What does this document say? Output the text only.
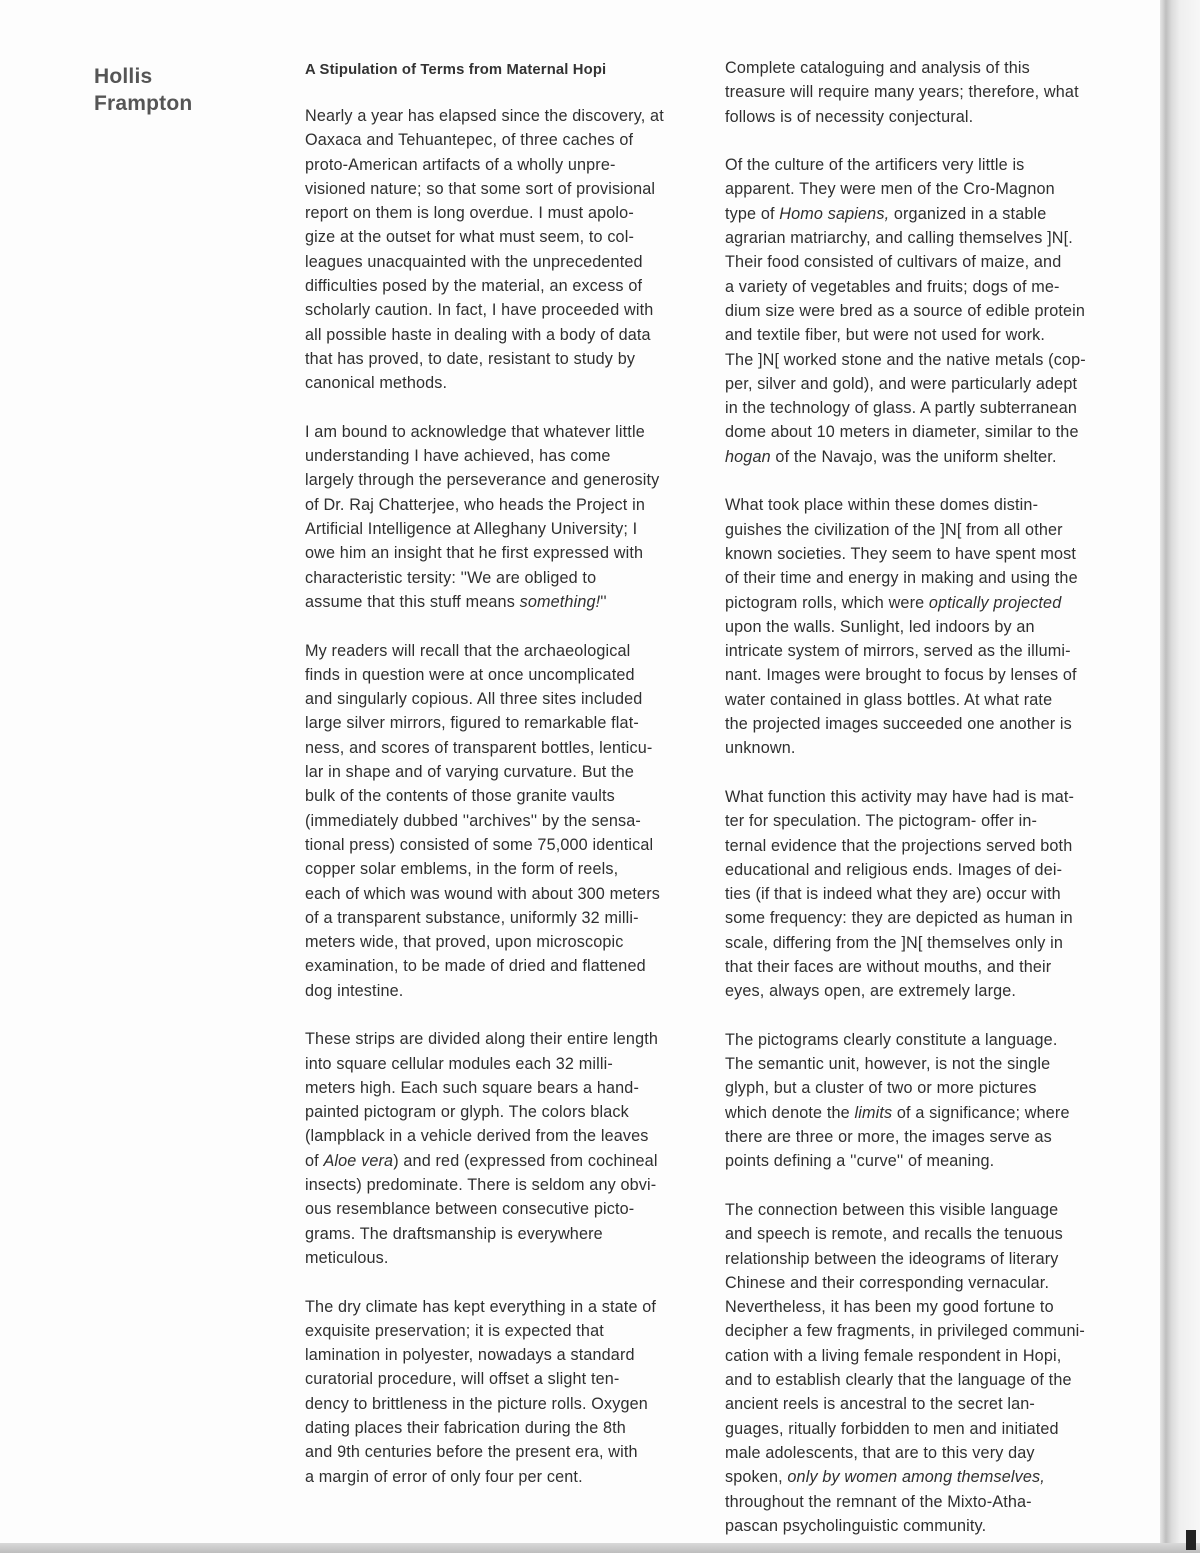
Hollis
Frampton
A Stipulation of Terms from Maternal Hopi
Nearly a year has elapsed since the discovery, at
Oaxaca and Tehuantepec, of three caches of
proto-American artifacts of a wholly unpre-
visioned nature; so that some sort of provisional
report on them is long overdue. I must apolo-
gize at the outset for what must seem, to col-
leagues unacquainted with the unprecedented
difficulties posed by the material, an excess of
scholarly caution. In fact, I have proceeded with
all possible haste in dealing with a body of data
that has proved, to date, resistant to study by
canonical methods.
I am bound to acknowledge that whatever little
understanding I have achieved, has come
largely through the perseverance and generosity
of Dr. Raj Chatterjee, who heads the Project in
Artificial Intelligence at Alleghany University; I
owe him an insight that he first expressed with
characteristic tersity: ''We are obliged to
assume that this stuff means something!''
My readers will recall that the archaeological
finds in question were at once uncomplicated
and singularly copious. All three sites included
large silver mirrors, figured to remarkable flat-
ness, and scores of transparent bottles, lenticu-
lar in shape and of varying curvature. But the
bulk of the contents of those granite vaults
(immediately dubbed ''archives'' by the sensa-
tional press) consisted of some 75,000 identical
copper solar emblems, in the form of reels,
each of which was wound with about 300 meters
of a transparent substance, uniformly 32 milli-
meters wide, that proved, upon microscopic
examination, to be made of dried and flattened
dog intestine.
These strips are divided along their entire length
into square cellular modules each 32 milli-
meters high. Each such square bears a hand-
painted pictogram or glyph. The colors black
(lampblack in a vehicle derived from the leaves
of Aloe vera) and red (expressed from cochineal
insects) predominate. There is seldom any obvi-
ous resemblance between consecutive picto-
grams. The draftsmanship is everywhere
meticulous.
The dry climate has kept everything in a state of
exquisite preservation; it is expected that
lamination in polyester, nowadays a standard
curatorial procedure, will offset a slight ten-
dency to brittleness in the picture rolls. Oxygen
dating places their fabrication during the 8th
and 9th centuries before the present era, with
a margin of error of only four per cent.
Complete cataloguing and analysis of this
treasure will require many years; therefore, what
follows is of necessity conjectural.
Of the culture of the artificers very little is
apparent. They were men of the Cro-Magnon
type of Homo sapiens, organized in a stable
agrarian matriarchy, and calling themselves ]N[.
Their food consisted of cultivars of maize, and
a variety of vegetables and fruits; dogs of me-
dium size were bred as a source of edible protein
and textile fiber, but were not used for work.
The ]N[ worked stone and the native metals (cop-
per, silver and gold), and were particularly adept
in the technology of glass. A partly subterranean
dome about 10 meters in diameter, similar to the
hogan of the Navajo, was the uniform shelter.
What took place within these domes distin-
guishes the civilization of the ]N[ from all other
known societies. They seem to have spent most
of their time and energy in making and using the
pictogram rolls, which were optically projected
upon the walls. Sunlight, led indoors by an
intricate system of mirrors, served as the illumi-
nant. Images were brought to focus by lenses of
water contained in glass bottles. At what rate
the projected images succeeded one another is
unknown.
What function this activity may have had is mat-
ter for speculation. The pictogram- offer in-
ternal evidence that the projections served both
educational and religious ends. Images of dei-
ties (if that is indeed what they are) occur with
some frequency: they are depicted as human in
scale, differing from the ]N[ themselves only in
that their faces are without mouths, and their
eyes, always open, are extremely large.
The pictograms clearly constitute a language.
The semantic unit, however, is not the single
glyph, but a cluster of two or more pictures
which denote the limits of a significance; where
there are three or more, the images serve as
points defining a ''curve'' of meaning.
The connection between this visible language
and speech is remote, and recalls the tenuous
relationship between the ideograms of literary
Chinese and their corresponding vernacular.
Nevertheless, it has been my good fortune to
decipher a few fragments, in privileged communi-
cation with a living female respondent in Hopi,
and to establish clearly that the language of the
ancient reels is ancestral to the secret lan-
guages, ritually forbidden to men and initiated
male adolescents, that are to this very day
spoken, only by women among themselves,
throughout the remnant of the Mixto-Atha-
pascan psycholinguistic community.
